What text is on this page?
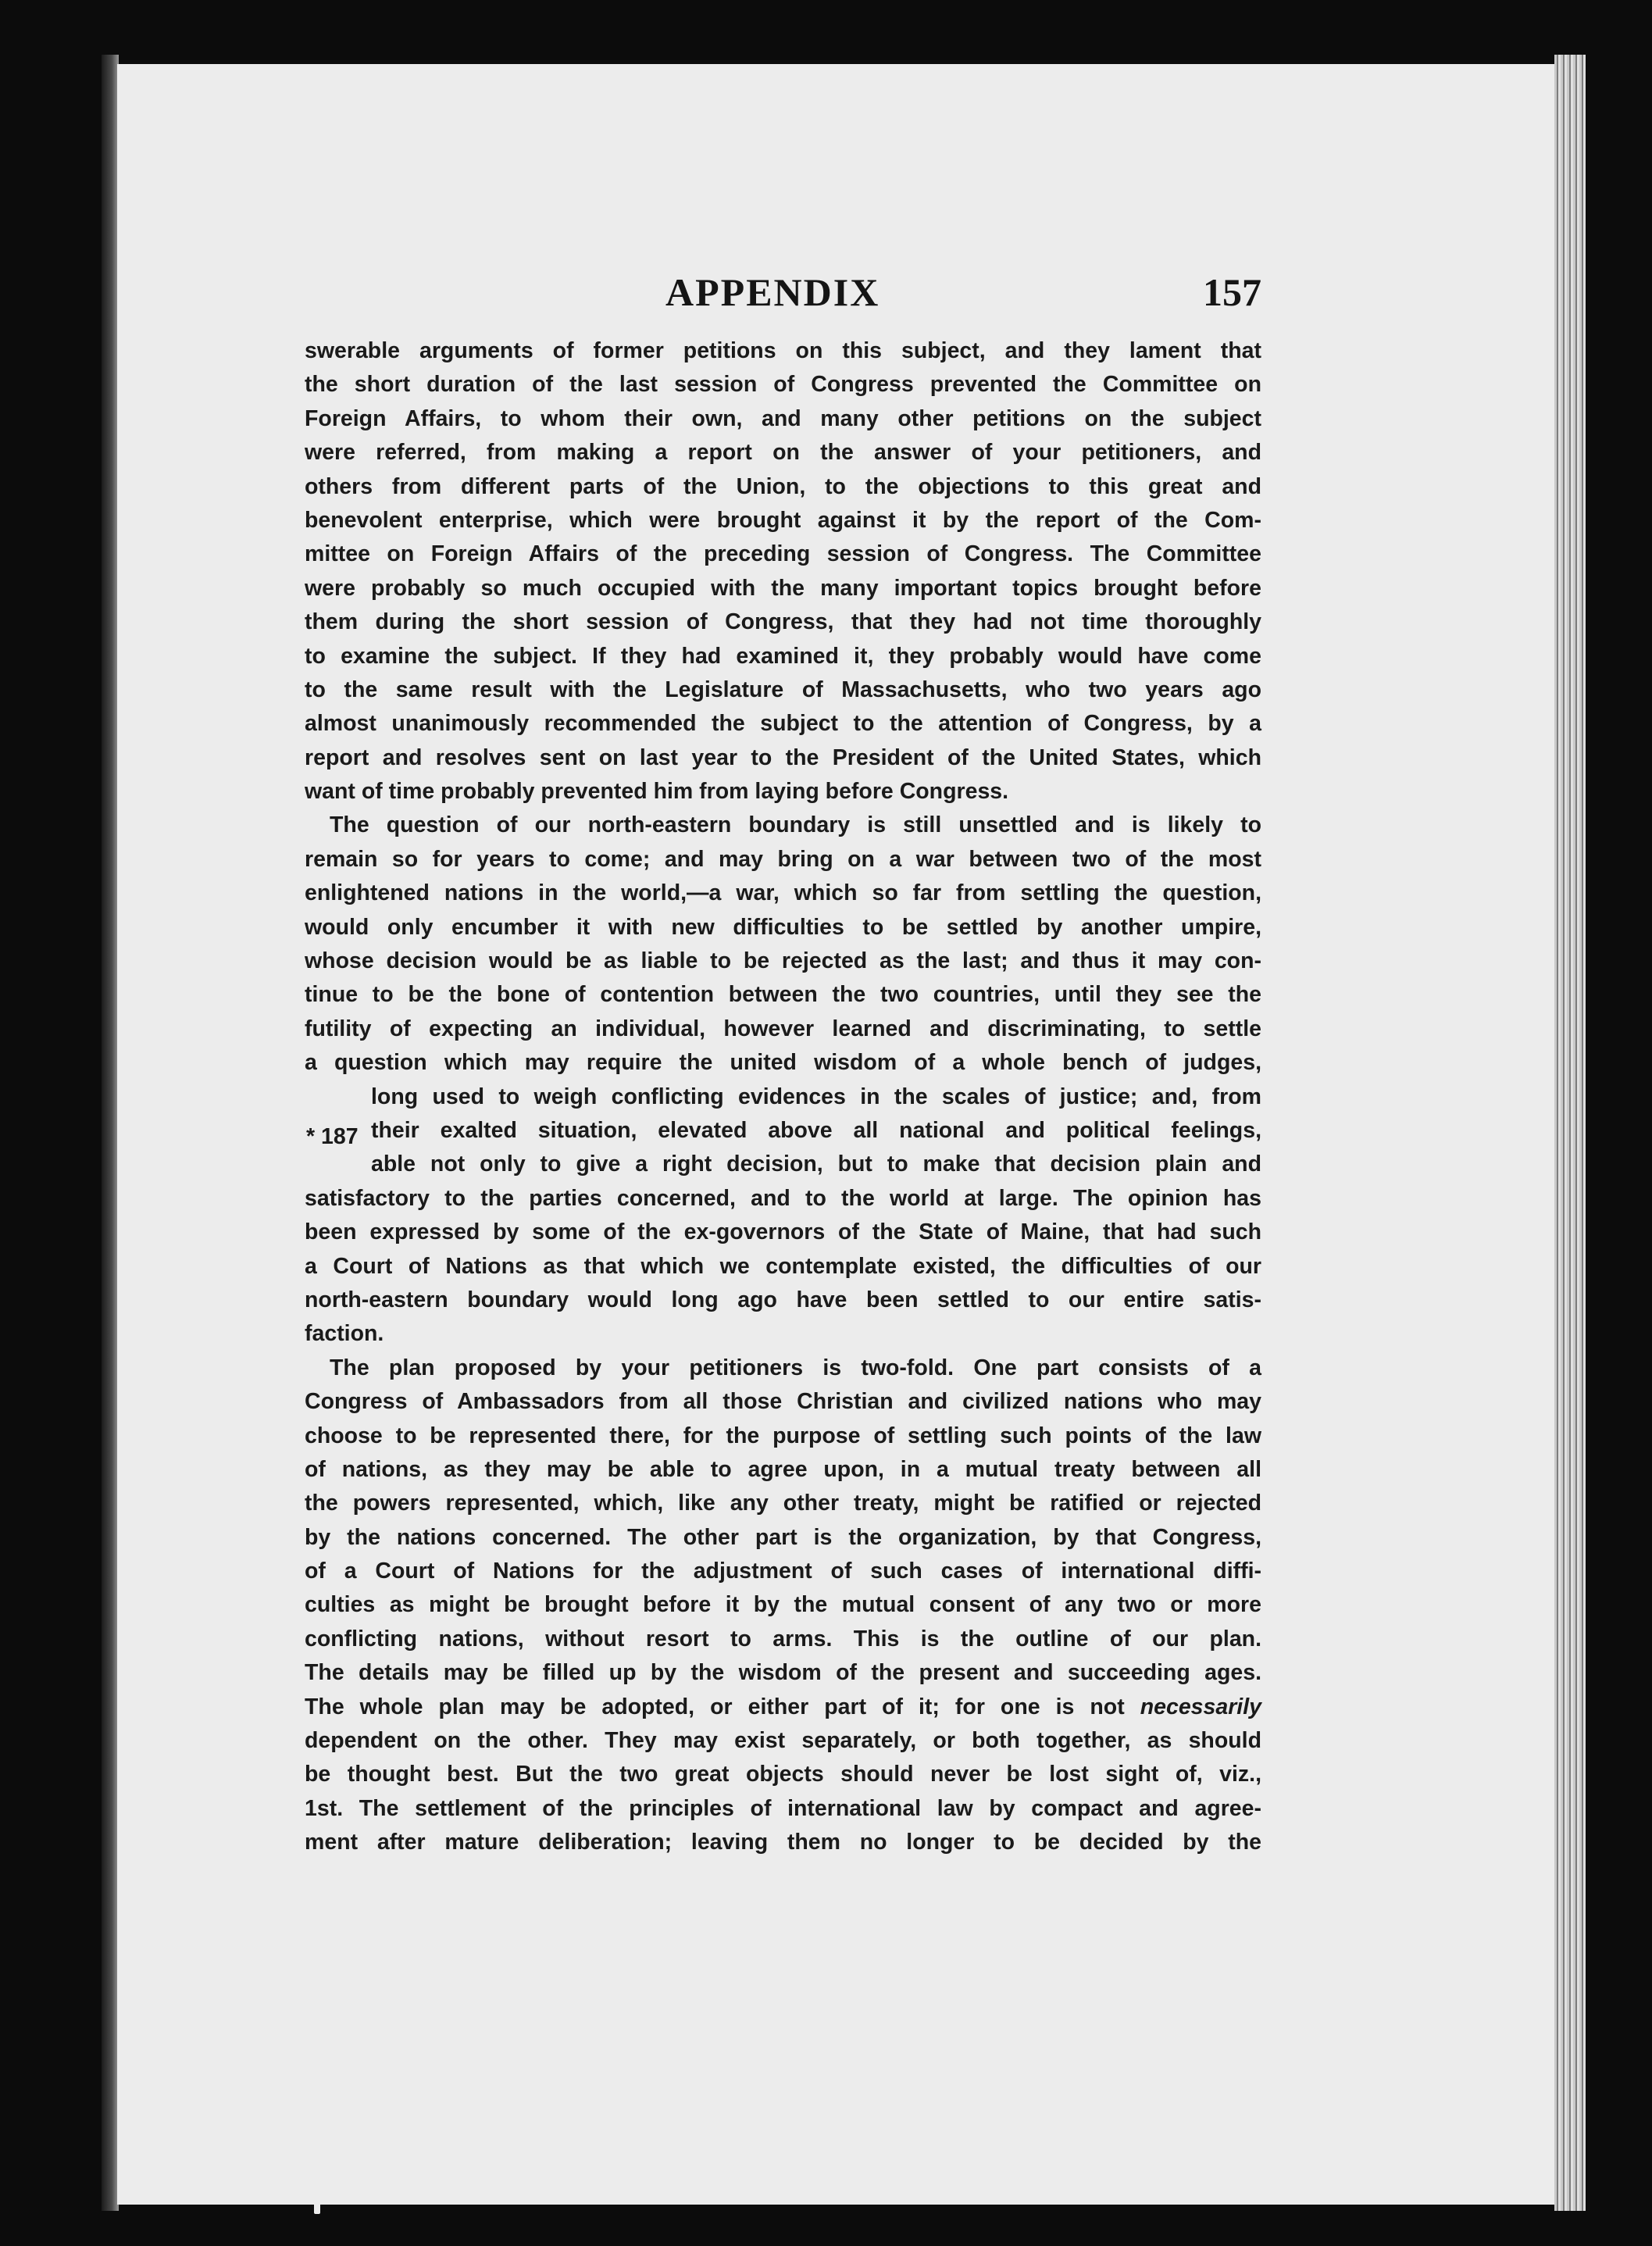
APPENDIX	157
* 187
swerable arguments of former petitions on this subject, and they lament that
the short duration of the last session of Congress prevented the Committee on
Foreign Affairs, to whom their own, and many other petitions on the subject
were referred, from making a report on the answer of your petitioners, and
others from different parts of the Union, to the objections to this great and
benevolent enterprise, which were brought against it by the report of the Com-
mittee on Foreign Affairs of the preceding session of Congress. The Committee
were probably so much occupied with the many important topics brought before
them during the short session of Congress, that they had not time thoroughly
to examine the subject. If they had examined it, they probably would have come
to the same result with the Legislature of Massachusetts, who two years ago
almost unanimously recommended the subject to the attention of Congress, by a
report and resolves sent on last year to the President of the United States, which
want of time probably prevented him from laying before Congress.
The question of our north-eastern boundary is still unsettled and is likely to
remain so for years to come; and may bring on a war between two of the most
enlightened nations in the world,—a war, which so far from settling the question,
would only encumber it with new difficulties to be settled by another umpire,
whose decision would be as liable to be rejected as the last; and thus it may con-
tinue to be the bone of contention between the two countries, until they see the
futility of expecting an individual, however learned and discriminating, to settle
a question which may require the united wisdom of a whole bench of judges,
long used to weigh conflicting evidences in the scales of justice; and, from
their exalted situation, elevated above all national and political feelings,
able not only to give a right decision, but to make that decision plain and
satisfactory to the parties concerned, and to the world at large. The opinion has
been expressed by some of the ex-governors of the State of Maine, that had such
a Court of Nations as that which we contemplate existed, the difficulties of our
north-eastern boundary would long ago have been settled to our entire satis-
faction.
The plan proposed by your petitioners is two-fold. One part consists of a
Congress of Ambassadors from all those Christian and civilized nations who may
choose to be represented there, for the purpose of settling such points of the law
of nations, as they may be able to agree upon, in a mutual treaty between all
the powers represented, which, like any other treaty, might be ratified or rejected
by the nations concerned. The other part is the organization, by that Congress,
of a Court of Nations for the adjustment of such cases of international diffi-
culties as might be brought before it by the mutual consent of any two or more
conflicting nations, without resort to arms. This is the outline of our plan.
The details may be filled up by the wisdom of the present and succeeding ages.
The whole plan may be adopted, or either part of it; for one is not necessarily
dependent on the other. They may exist separately, or both together, as should
be thought best. But the two great objects should never be lost sight of, viz.,
1st. The settlement of the principles of international law by compact and agree-
ment after mature deliberation; leaving them no longer to be decided by the
